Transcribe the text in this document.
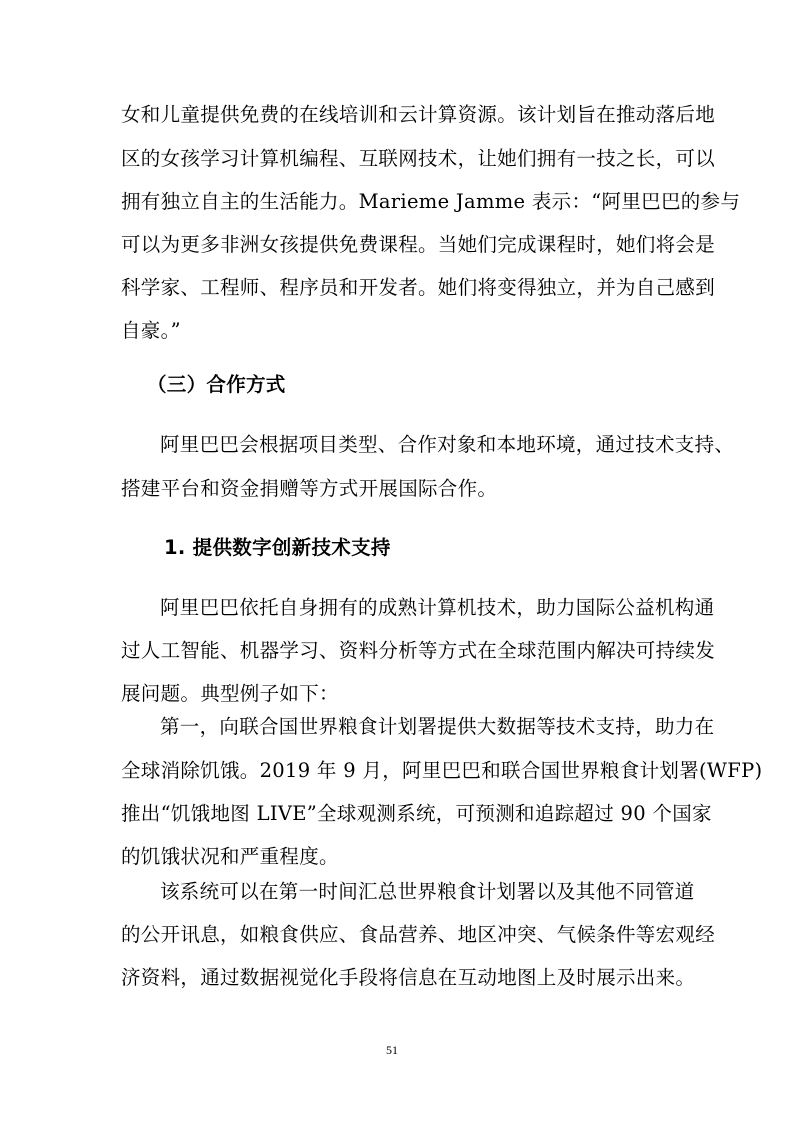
女和儿童提供免费的在线培训和云计算资源。该计划旨在推动落后地
区的女孩学习计算机编程、互联网技术，让她们拥有一技之长，可以
拥有独立自主的生活能力。Marieme Jamme 表示：“阿里巴巴的参与
可以为更多非洲女孩提供免费课程。当她们完成课程时，她们将会是
科学家、工程师、程序员和开发者。她们将变得独立，并为自己感到
自豪。”
（三）合作方式
阿里巴巴会根据项目类型、合作对象和本地环境，通过技术支持、
搭建平台和资金捐赠等方式开展国际合作。
1. 提供数字创新技术支持
阿里巴巴依托自身拥有的成熟计算机技术，助力国际公益机构通
过人工智能、机器学习、资料分析等方式在全球范围内解决可持续发
展问题。典型例子如下：
第一，向联合国世界粮食计划署提供大数据等技术支持，助力在
全球消除饥饿。2019 年 9 月，阿里巴巴和联合国世界粮食计划署(WFP)
推出“饥饿地图 LIVE”全球观测系统，可预测和追踪超过 90 个国家
的饥饿状况和严重程度。
该系统可以在第一时间汇总世界粮食计划署以及其他不同管道
的公开讯息，如粮食供应、食品营养、地区冲突、气候条件等宏观经
济资料，通过数据视觉化手段将信息在互动地图上及时展示出来。
51
